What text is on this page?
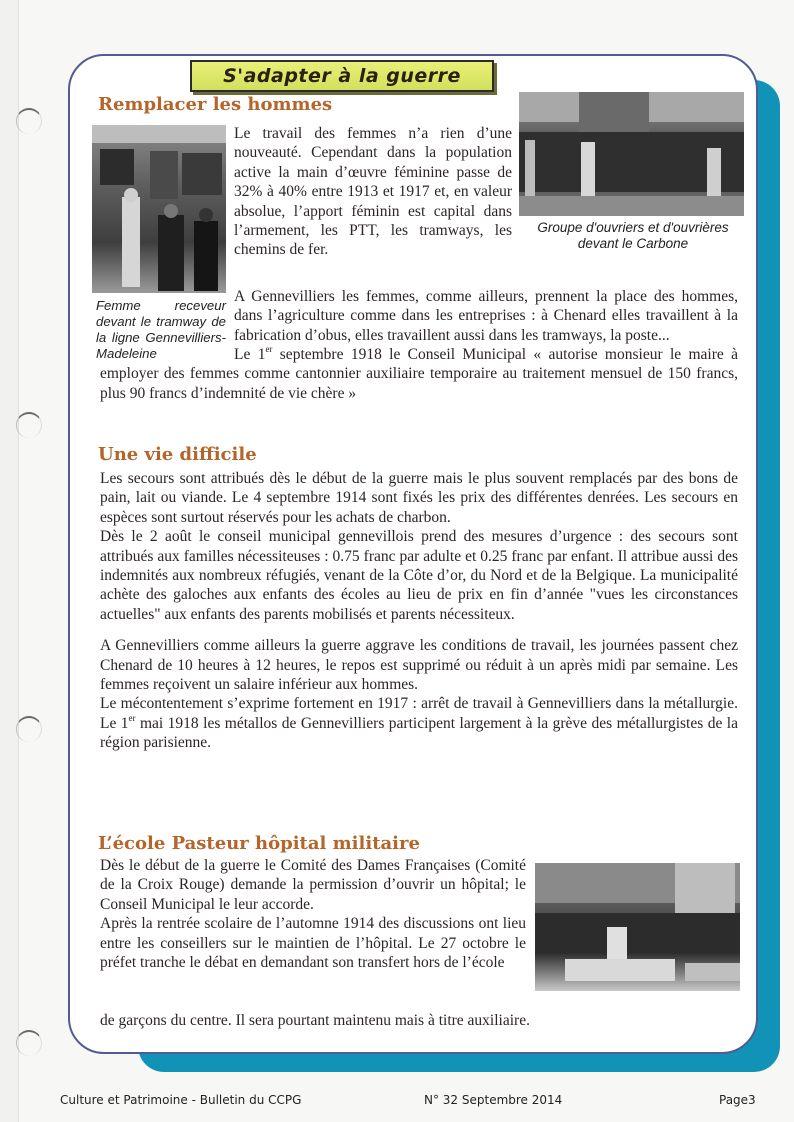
S'adapter à la guerre
Remplacer les hommes
Femme receveur devant le tramway de la ligne Gennevilliers-Madeleine
Groupe d'ouvriers et d'ouvrières devant le Carbone

Le travail des femmes n’a rien d’une nouveauté. Cependant dans la population active la main d’œuvre féminine passe de 32% à 40% entre 1913 et 1917 et, en valeur absolue, l’apport féminin est capital dans l’armement, les PTT, les tramways, les chemins de fer.

A Gennevilliers les femmes, comme ailleurs, prennent la place des hommes, dans l’agriculture comme dans les entreprises : à Chenard elles travaillent à la fabrication d’obus, elles travaillent aussi dans les tramways, la poste...

Le 1er septembre 1918 le Conseil Municipal « autorise monsieur le maire à employer des femmes comme cantonnier auxiliaire temporaire au traitement mensuel de 150 francs, plus 90 francs d’indemnité de vie chère »

Une vie difficile

Les secours sont attribués dès le début de la guerre mais le plus souvent remplacés par des bons de pain, lait ou viande. Le 4 septembre 1914 sont fixés les prix des différentes denrées. Les secours en espèces sont surtout réservés pour les achats de charbon.

Dès le 2 août le conseil municipal gennevillois prend des mesures d’urgence : des secours sont attribués aux familles nécessiteuses : 0.75 franc par adulte et 0.25 franc par enfant. Il attribue aussi des indemnités aux nombreux réfugiés, venant de la Côte d’or, du Nord et de la Belgique. La municipalité achète des galoches aux enfants des écoles au lieu de prix en fin d’année "vues les circonstances actuelles" aux enfants des parents mobilisés et parents nécessiteux.

A Gennevilliers comme ailleurs la guerre aggrave les conditions de travail, les journées passent chez Chenard de 10 heures à 12 heures, le repos est supprimé ou réduit à un après midi par semaine. Les femmes reçoivent un salaire inférieur aux hommes.

Le mécontentement s’exprime fortement en 1917 : arrêt de travail à Gennevilliers dans la métallurgie. Le 1er mai 1918 les métallos de Gennevilliers participent largement à la grève des métallurgistes de la région parisienne.

L’école Pasteur hôpital militaire

Dès le début de la guerre le Comité des Dames Françaises (Comité de la Croix Rouge) demande la permission d’ouvrir un hôpital; le Conseil Municipal le leur accorde.

Après la rentrée scolaire de l’automne 1914 des discussions ont lieu entre les conseillers sur le maintien de l’hôpital. Le 27 octobre le préfet tranche le débat en demandant son transfert hors de l’école

de garçons du centre. Il sera pourtant maintenu mais à titre auxiliaire.

Culture et Patrimoine - Bulletin du CCPG	N° 32 Septembre 2014	Page3
